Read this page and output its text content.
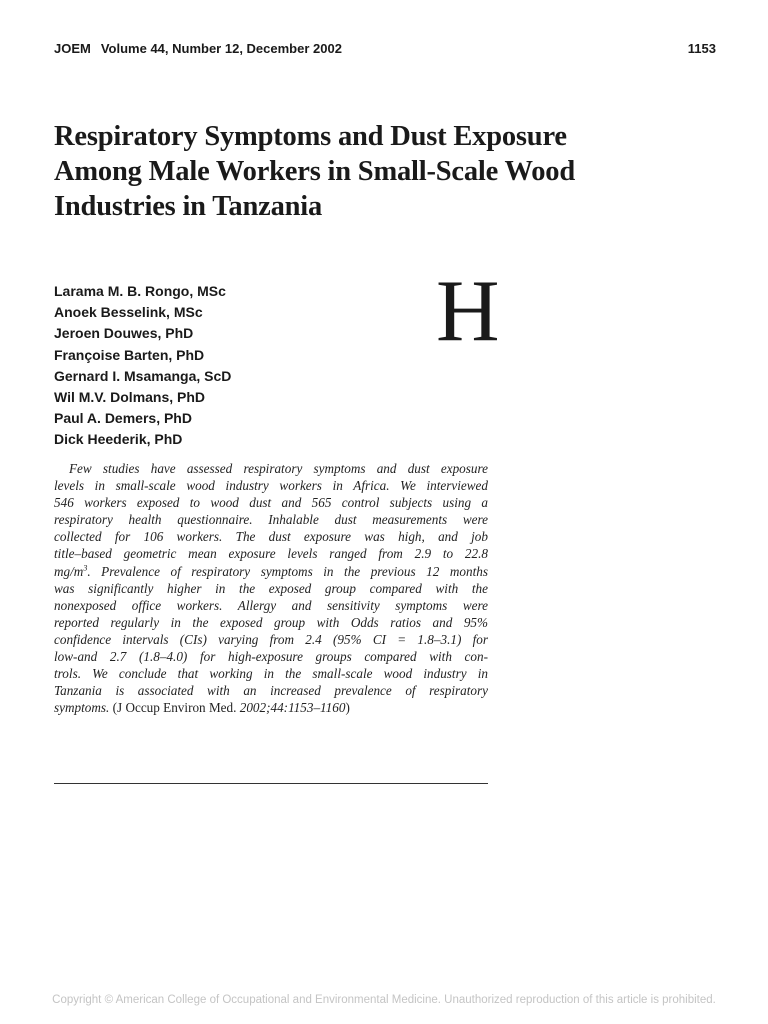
JOEM Volume 44, Number 12, December 2002	1153
Respiratory Symptoms and Dust Exposure
Among Male Workers in Small-Scale Wood
Industries in Tanzania
Larama M. B. Rongo, MSc
Anoek Besselink, MSc
Jeroen Douwes, PhD
Françoise Barten, PhD
Gernard I. Msamanga, ScD
Wil M.V. Dolmans, PhD
Paul A. Demers, PhD
Dick Heederik, PhD
H
Few studies have assessed respiratory symptoms and dust exposure
levels in small-scale wood industry workers in Africa. We interviewed
546 workers exposed to wood dust and 565 control subjects using a
respiratory health questionnaire. Inhalable dust measurements were
collected for 106 workers. The dust exposure was high, and job
title–based geometric mean exposure levels ranged from 2.9 to 22.8
$mg/m^3$. Prevalence of respiratory symptoms in the previous 12 months
was significantly higher in the exposed group compared with the
nonexposed office workers. Allergy and sensitivity symptoms were
reported regularly in the exposed group with Odds ratios and 95%
confidence intervals (CIs) varying from 2.4 (95% CI = 1.8–3.1) for
low-and 2.7 (1.8–4.0) for high-exposure groups compared with con-
trols. We conclude that working in the small-scale wood industry in
Tanzania is associated with an increased prevalence of respiratory
symptoms. (J Occup Environ Med. 2002;44:1153–1160)
Copyright © American College of Occupational and Environmental Medicine. Unauthorized reproduction of this article is prohibited.
